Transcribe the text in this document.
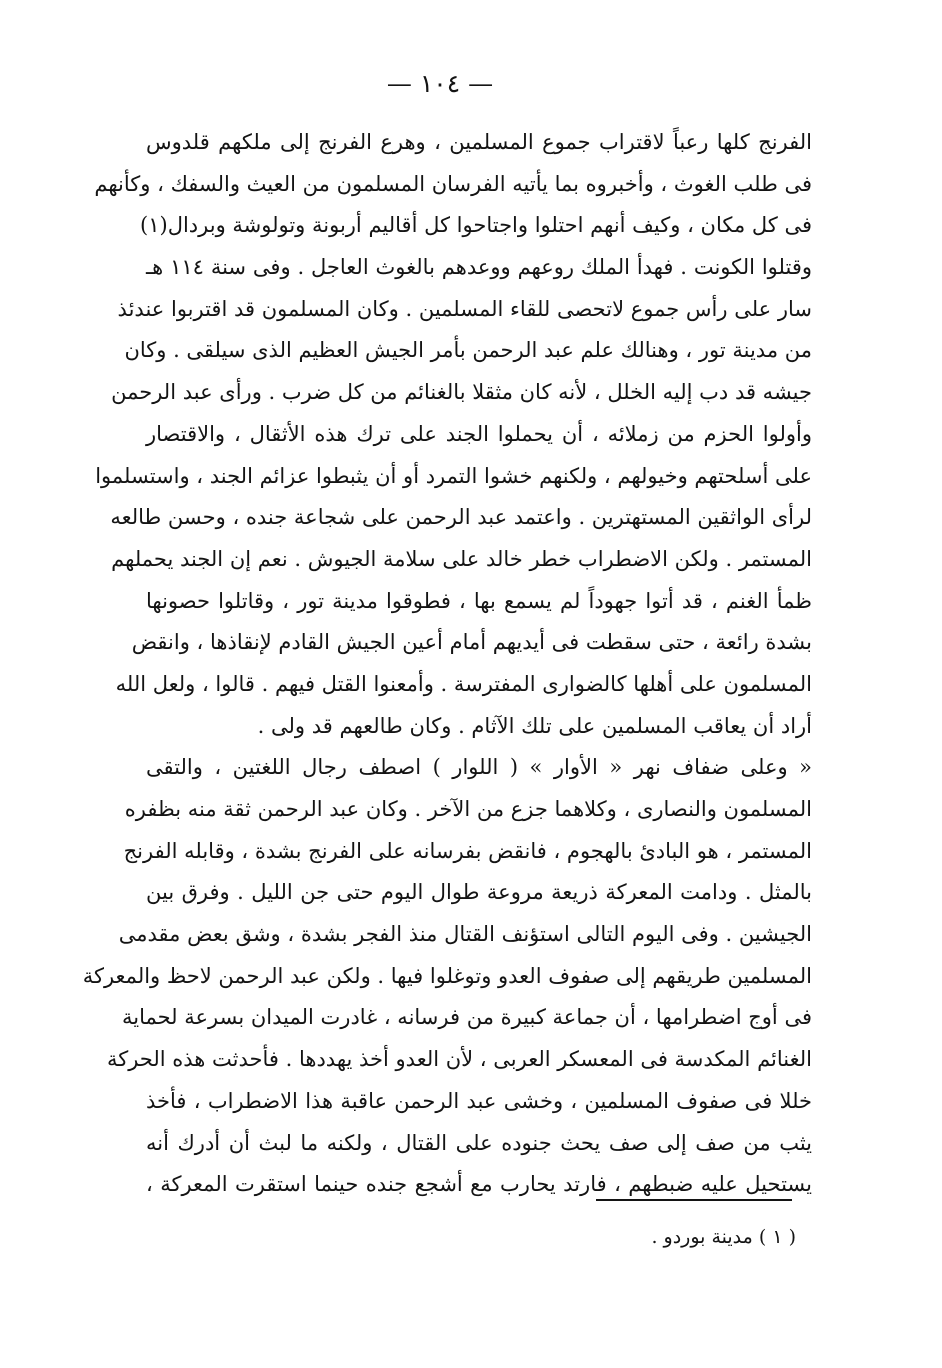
— ١٠٤ —
الفرنج كلها رعباً لاقتراب جموع المسلمين ، وهرع الفرنج إلى ملكهم قلدوس
فى طلب الغوث ، وأخبروه بما يأتيه الفرسان المسلمون من العيث والسفك ، وكأنهم
فى كل مكان ، وكيف أنهم احتلوا واجتاحوا كل أقاليم أربونة وتولوشة وبردال(١)
وقتلوا الكونت . فهدأ الملك روعهم ووعدهم بالغوث العاجل . وفى سنة ١١٤ هـ
سار على رأس جموع لاتحصى للقاء المسلمين . وكان المسلمون قد اقتربوا عندئذ
من مدينة تور ، وهنالك علم عبد الرحمن بأمر الجيش العظيم الذى سيلقى . وكان
جيشه قد دب إليه الخلل ، لأنه كان مثقلا بالغنائم من كل ضرب . ورأى عبد الرحمن
وأولوا الحزم من زملائه ، أن يحملوا الجند على ترك هذه الأثقال ، والاقتصار
على أسلحتهم وخيولهم ، ولكنهم خشوا التمرد أو أن يثبطوا عزائم الجند ، واستسلموا
لرأى الواثقين المستهترين . واعتمد عبد الرحمن على شجاعة جنده ، وحسن طالعه
المستمر . ولكن الاضطراب خطر خالد على سلامة الجيوش . نعم إن الجند يحملهم
ظمأ الغنم ، قد أتوا جهوداً لم يسمع بها ، فطوقوا مدينة تور ، وقاتلوا حصونها
بشدة رائعة ، حتى سقطت فى أيديهم أمام أعين الجيش القادم لإنقاذها ، وانقض
المسلمون على أهلها كالضوارى المفترسة . وأمعنوا القتل فيهم . قالوا ، ولعل الله
أراد أن يعاقب المسلمين على تلك الآثام . وكان طالعهم قد ولى .
« وعلى ضفاف نهر « الأوار » ( اللوار ) اصطف رجال اللغتين ، والتقى
المسلمون والنصارى ، وكلاهما جزع من الآخر . وكان عبد الرحمن ثقة منه بظفره
المستمر ، هو البادئ بالهجوم ، فانقض بفرسانه على الفرنج بشدة ، وقابله الفرنج
بالمثل . ودامت المعركة ذريعة مروعة طوال اليوم حتى جن الليل . وفرق بين
الجيشين . وفى اليوم التالى استؤنف القتال منذ الفجر بشدة ، وشق بعض مقدمى
المسلمين طريقهم إلى صفوف العدو وتوغلوا فيها . ولكن عبد الرحمن لاحظ والمعركة
فى أوج اضطرامها ، أن جماعة كبيرة من فرسانه ، غادرت الميدان بسرعة لحماية
الغنائم المكدسة فى المعسكر العربى ، لأن العدو أخذ يهددها . فأحدثت هذه الحركة
خللا فى صفوف المسلمين ، وخشى عبد الرحمن عاقبة هذا الاضطراب ، فأخذ
يثب من صف إلى صف يحث جنوده على القتال ، ولكنه ما لبث أن أدرك أنه
يستحيل عليه ضبطهم ، فارتد يحارب مع أشجع جنده حينما استقرت المعركة ،
( ١ ) مدينة بوردو .
